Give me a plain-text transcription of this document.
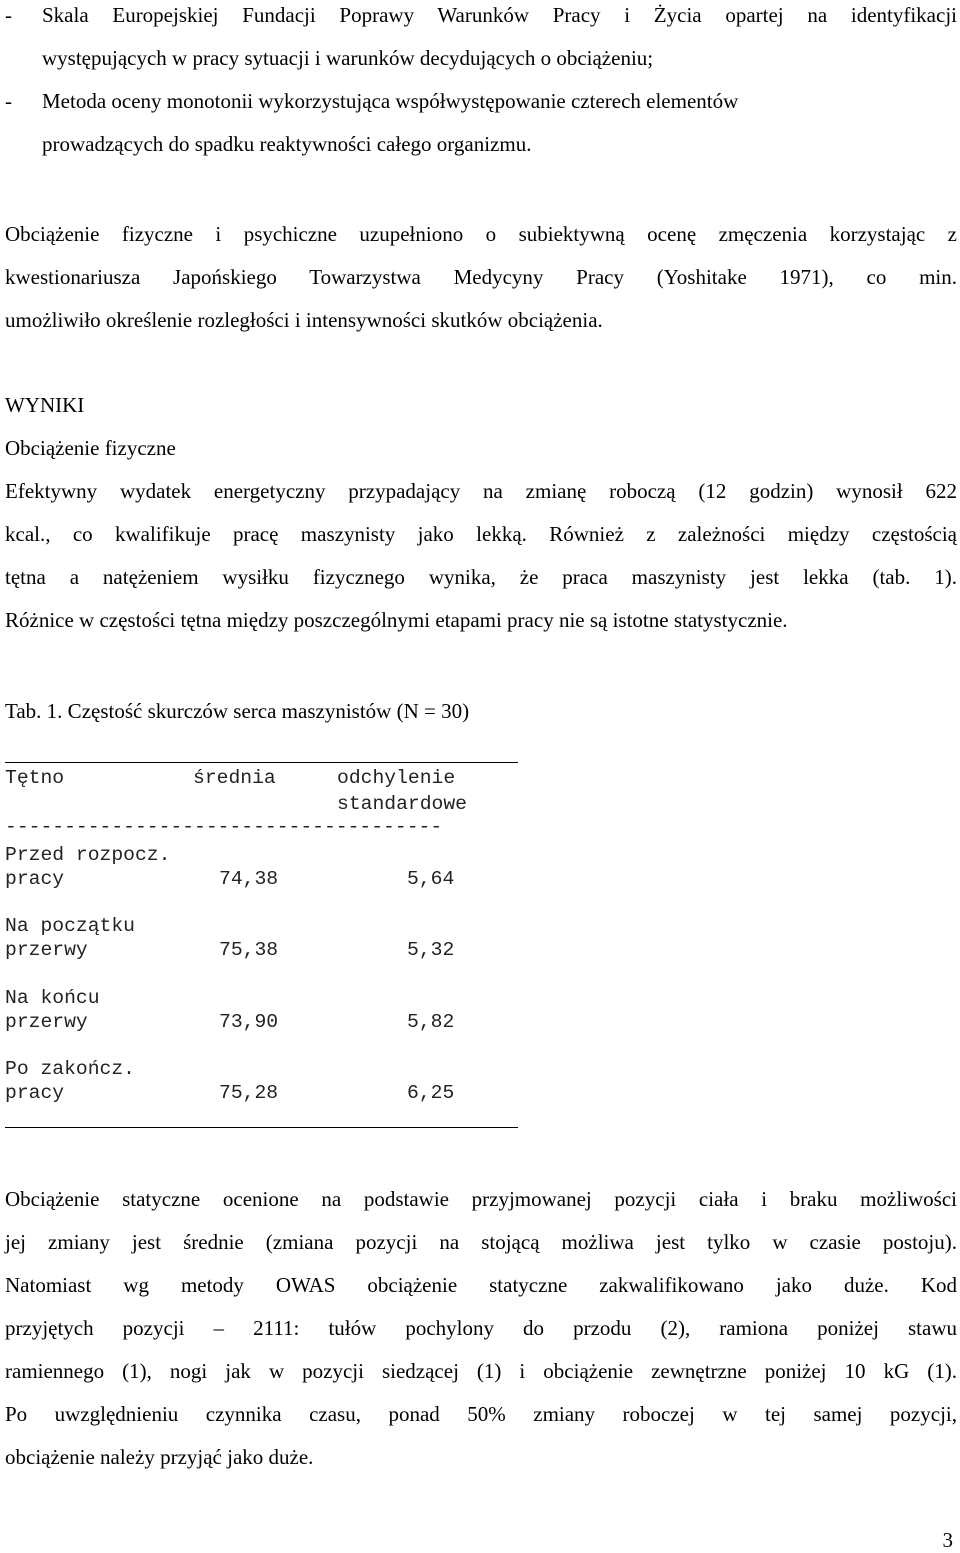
- Skala Europejskiej Fundacji Poprawy Warunków Pracy i Życia opartej na identyfikacji
występujących w pracy sytuacji i warunków decydujących o obciążeniu;
- Metoda oceny monotonii wykorzystująca współwystępowanie czterech elementów
prowadzących do spadku reaktywności całego organizmu.
Obciążenie fizyczne i psychiczne uzupełniono o subiektywną ocenę zmęczenia korzystając z
kwestionariusza Japońskiego Towarzystwa Medycyny Pracy (Yoshitake 1971), co min.
umożliwiło określenie rozległości i intensywności skutków obciążenia.
WYNIKI
Obciążenie fizyczne
Efektywny wydatek energetyczny przypadający na zmianę roboczą (12 godzin) wynosił 622
kcal., co kwalifikuje pracę maszynisty jako lekką. Również z zależności między częstością
tętna a natężeniem wysiłku fizycznego wynika, że praca maszynisty jest lekka (tab. 1).
Różnice w częstości tętna między poszczególnymi etapami pracy nie są istotne statystycznie.
Tab. 1. Częstość skurczów serca maszynistów (N = 30)
Tętno	średnia	odchylenie
standardowe
-------------------------------------
Przed rozpocz.
pracy	74,38	5,64
Na początku
przerwy	75,38	5,32
Na końcu
przerwy	73,90	5,82
Po zakończ.
pracy	75,28	6,25
Obciążenie statyczne ocenione na podstawie przyjmowanej pozycji ciała i braku możliwości
jej zmiany jest średnie (zmiana pozycji na stojącą możliwa jest tylko w czasie postoju).
Natomiast wg metody OWAS obciążenie statyczne zakwalifikowano jako duże. Kod
przyjętych pozycji – 2111: tułów pochylony do przodu (2), ramiona poniżej stawu
ramiennego (1), nogi jak w pozycji siedzącej (1) i obciążenie zewnętrzne poniżej 10 kG (1).
Po uwzględnieniu czynnika czasu, ponad 50% zmiany roboczej w tej samej pozycji,
obciążenie należy przyjąć jako duże.
3
